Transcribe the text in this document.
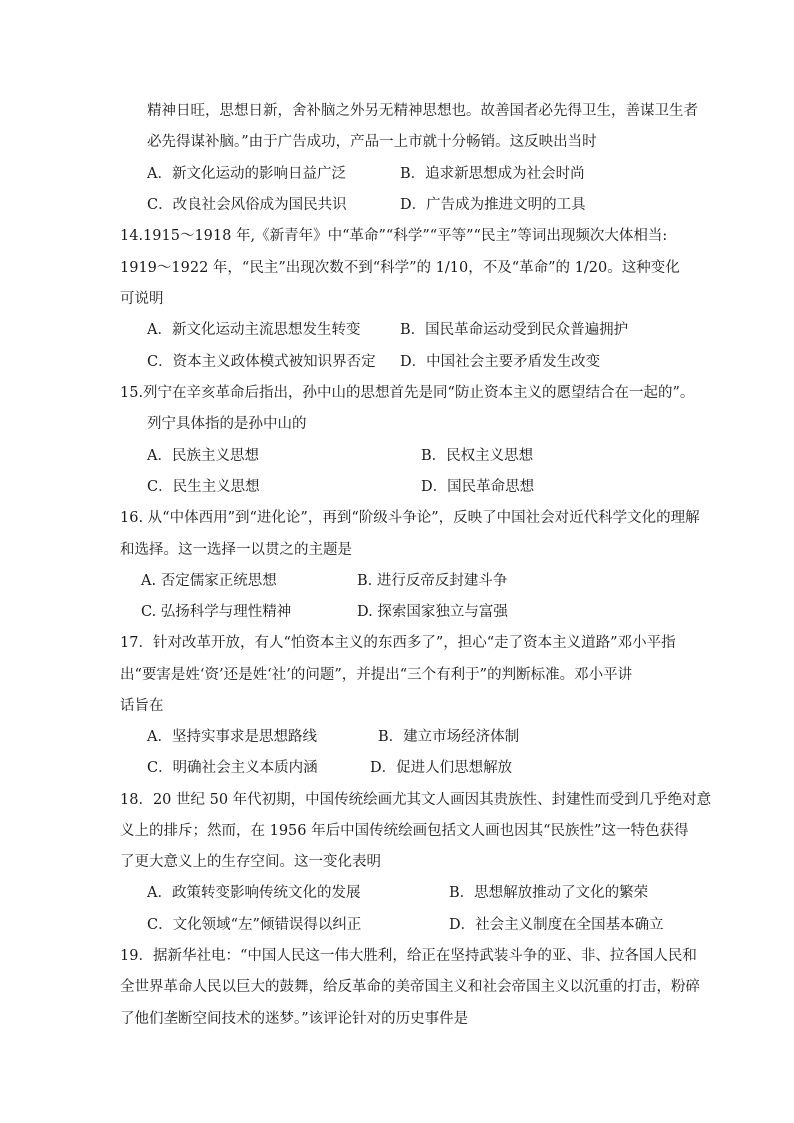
精神日旺，思想日新，舍补脑之外另无精神思想也。故善国者必先得卫生，善谋卫生者
必先得谋补脑。”由于广告成功，产品一上市就十分畅销。这反映出当时
A．新文化运动的影响日益广泛	B．追求新思想成为社会时尚
C．改良社会风俗成为国民共识	D．广告成为推进文明的工具
14.1915～1918 年,《新青年》中“革命”“科学”“平等”“民主”等词出现频次大体相当:
1919～1922 年，“民主”出现次数不到“科学”的 1/10，不及“革命”的 1/20。这种变化
可说明
A．新文化运动主流思想发生转变	B．国民革命运动受到民众普遍拥护
C．资本主义政体模式被知识界否定 D．中国社会主要矛盾发生改变
15.列宁在辛亥革命后指出，孙中山的思想首先是同“防止资本主义的愿望结合在一起的”。
列宁具体指的是孙中山的
A．民族主义思想	B．民权主义思想
C．民生主义思想	D．国民革命思想
16. 从“中体西用”到“进化论”，再到“阶级斗争论”，反映了中国社会对近代科学文化的理解
和选择。这一选择一以贯之的主题是
A. 否定儒家正统思想	B. 进行反帝反封建斗争
C. 弘扬科学与理性精神	D. 探索国家独立与富强
17．针对改革开放，有人“怕资本主义的东西多了”，担心“走了资本主义道路”邓小平指
出“要害是姓‘资’还是姓‘社’的问题”，并提出“三个有利于”的判断标准。邓小平讲
话旨在
A．坚持实事求是思想路线	B．建立市场经济体制
C．明确社会主义本质内涵	D．促进人们思想解放
18．20 世纪 50 年代初期，中国传统绘画尤其文人画因其贵族性、封建性而受到几乎绝对意
义上的排斥；然而，在 1956 年后中国传统绘画包括文人画也因其“民族性”这一特色获得
了更大意义上的生存空间。这一变化表明
A．政策转变影响传统文化的发展	B．思想解放推动了文化的繁荣
C．文化领域“左”倾错误得以纠正	D．社会主义制度在全国基本确立
19．据新华社电：“中国人民这一伟大胜利，给正在坚持武装斗争的亚、非、拉各国人民和
全世界革命人民以巨大的鼓舞，给反革命的美帝国主义和社会帝国主义以沉重的打击，粉碎
了他们垄断空间技术的迷梦。”该评论针对的历史事件是
